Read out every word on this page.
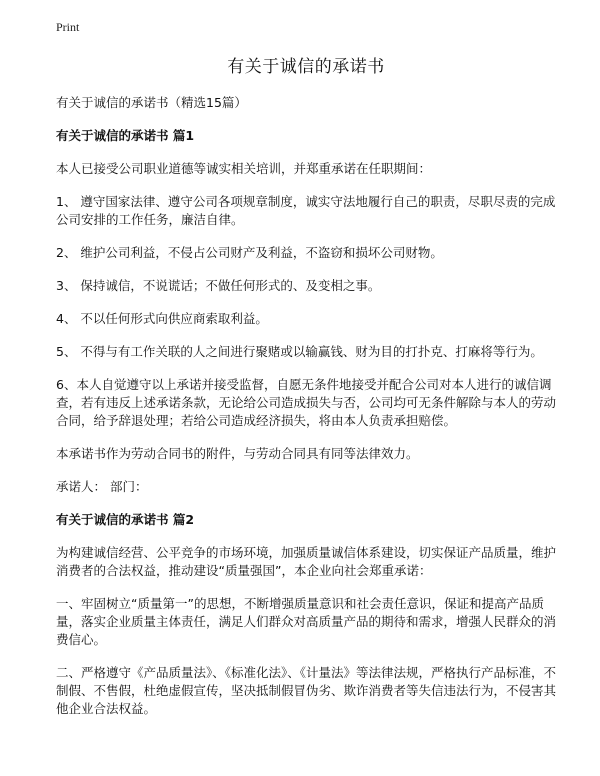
Print
有关于诚信的承诺书

有关于诚信的承诺书（精选15篇）

有关于诚信的承诺书 篇1

本人已接受公司职业道德等诚实相关培训，并郑重承诺在任职期间：

1、 遵守国家法律、遵守公司各项规章制度，诚实守法地履行自己的职责，尽职尽责的完成公司安排的工作任务，廉洁自律。

2、 维护公司利益，不侵占公司财产及利益，不盗窃和损坏公司财物。

3、 保持诚信，不说谎话；不做任何形式的、及变相之事。

4、 不以任何形式向供应商索取利益。

5、 不得与有工作关联的人之间进行聚赌或以输赢钱、财为目的打扑克、打麻将等行为。

6、本人自觉遵守以上承诺并接受监督，自愿无条件地接受并配合公司对本人进行的诚信调查，若有违反上述承诺条款，无论给公司造成损失与否，公司均可无条件解除与本人的劳动合同，给予辞退处理；若给公司造成经济损失，将由本人负责承担赔偿。

本承诺书作为劳动合同书的附件，与劳动合同具有同等法律效力。

承诺人： 部门：

有关于诚信的承诺书 篇2

为构建诚信经营、公平竞争的市场环境，加强质量诚信体系建设，切实保证产品质量，维护消费者的合法权益，推动建设“质量强国”，本企业向社会郑重承诺：

一、牢固树立“质量第一”的思想，不断增强质量意识和社会责任意识，保证和提高产品质量，落实企业质量主体责任，满足人们群众对高质量产品的期待和需求，增强人民群众的消费信心。

二、严格遵守《产品质量法》、《标准化法》、《计量法》等法律法规，严格执行产品标准，不制假、不售假，杜绝虚假宣传，坚决抵制假冒伪劣、欺诈消费者等失信违法行为，不侵害其他企业合法权益。
